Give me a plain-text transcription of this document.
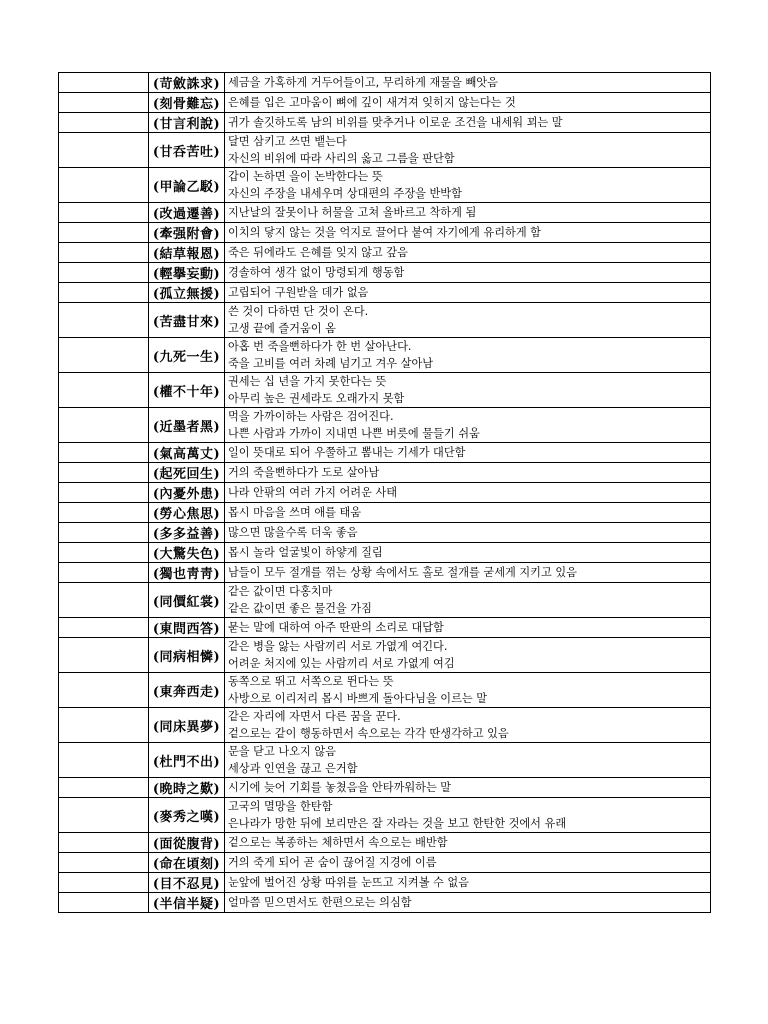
	(苛斂誅求)	세금을 가혹하게 거두어들이고, 무리하게 재물을 빼앗음

	(刻骨難忘)	은혜를 입은 고마움이 뼈에 깊이 새겨져 잊히지 않는다는 것

	(甘言利說)	귀가 솔깃하도록 남의 비위를 맞추거나 이로운 조건을 내세워 꾀는 말

	(甘呑苦吐)	달면 삼키고 쓰면 뱉는다
자신의 비위에 따라 사리의 옳고 그름을 판단함

	(甲論乙駁)	갑이 논하면 을이 논박한다는 뜻
자신의 주장을 내세우며 상대편의 주장을 반박함

	(改過遷善)	지난날의 잘못이나 허물을 고쳐 올바르고 착하게 됨

	(牽强附會)	이치의 닿지 않는 것을 억지로 끌어다 붙여 자기에게 유리하게 함

	(結草報恩)	죽은 뒤에라도 은혜를 잊지 않고 갚음

	(輕擧妄動)	경솔하여 생각 없이 망령되게 행동함

	(孤立無援)	고립되어 구원받을 데가 없음

	(苦盡甘來)	쓴 것이 다하면 단 것이 온다.
고생 끝에 즐거움이 옴

	(九死一生)	아홉 번 죽을뻔하다가 한 번 살아난다.
죽을 고비를 여러 차례 넘기고 겨우 살아남

	(權不十年)	권세는 십 년을 가지 못한다는 뜻
아무리 높은 권세라도 오래가지 못함

	(近墨者黑)	먹을 가까이하는 사람은 검어진다.
나쁜 사람과 가까이 지내면 나쁜 버릇에 물들기 쉬움

	(氣高萬丈)	일이 뜻대로 되어 우쭐하고 뽐내는 기세가 대단함

	(起死回生)	거의 죽을뻔하다가 도로 살아남

	(內憂外患)	나라 안팎의 여러 가지 어려운 사태

	(勞心焦思)	몹시 마음을 쓰며 애를 태움

	(多多益善)	많으면 많을수록 더욱 좋음

	(大驚失色)	몹시 놀라 얼굴빛이 하얗게 질림

	(獨也靑靑)	남들이 모두 절개를 꺾는 상황 속에서도 홀로 절개를 굳세게 지키고 있음

	(同價紅裳)	같은 값이면 다홍치마
같은 값이면 좋은 물건을 가짐

	(東問西答)	묻는 말에 대하여 아주 딴판의 소리로 대답함

	(同病相憐)	같은 병을 앓는 사람끼리 서로 가엾게 여긴다.
어려운 처지에 있는 사람끼리 서로 가엾게 여김

	(東奔西走)	동쪽으로 뛰고 서쪽으로 뛴다는 뜻
사방으로 이리저리 몹시 바쁘게 돌아다님을 이르는 말

	(同床異夢)	같은 자리에 자면서 다른 꿈을 꾼다.
겉으로는 같이 행동하면서 속으로는 각각 딴생각하고 있음

	(杜門不出)	문을 닫고 나오지 않음
세상과 인연을 끊고 은거함

	(晩時之歎)	시기에 늦어 기회를 놓쳤음을 안타까워하는 말

	(麥秀之嘆)	고국의 멸망을 한탄함
은나라가 망한 뒤에 보리만은 잘 자라는 것을 보고 한탄한 것에서 유래

	(面從腹背)	겉으로는 복종하는 체하면서 속으로는 배반함

	(命在頃刻)	거의 죽게 되어 곧 숨이 끊어질 지경에 이름

	(目不忍見)	눈앞에 벌어진 상황 따위를 눈뜨고 지켜볼 수 없음

	(半信半疑)	얼마쯤 믿으면서도 한편으로는 의심함
